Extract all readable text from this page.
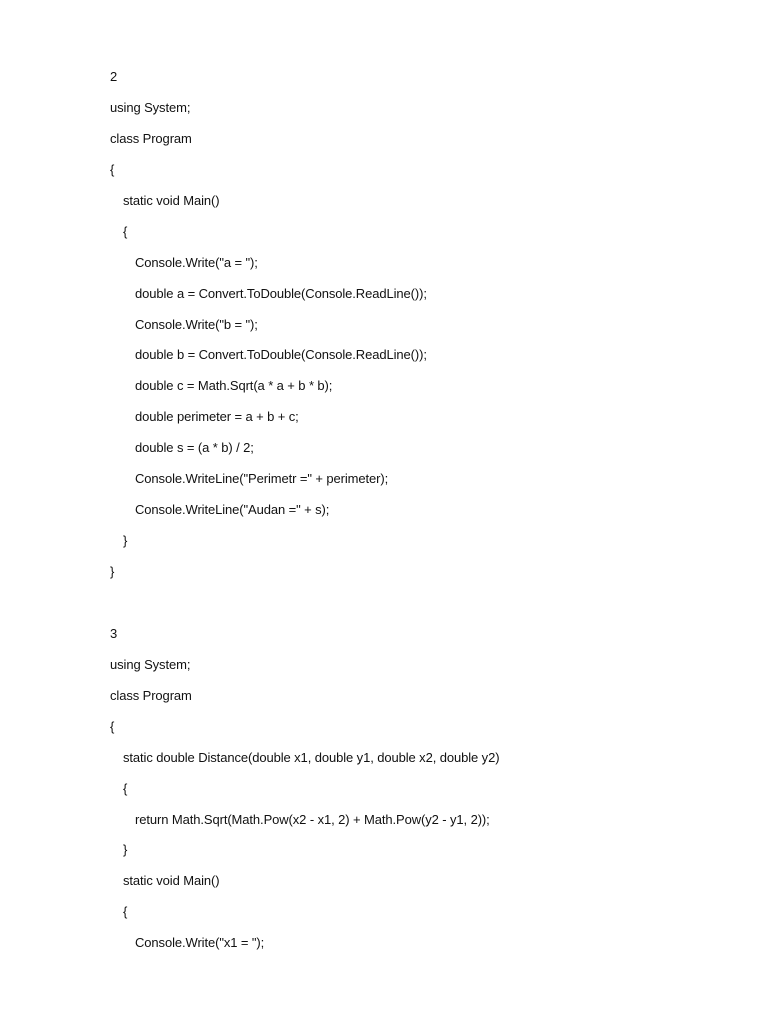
2
using System;
class Program
{
static void Main()
{
Console.Write("a = ");
double a = Convert.ToDouble(Console.ReadLine());
Console.Write("b = ");
double b = Convert.ToDouble(Console.ReadLine());
double c = Math.Sqrt(a * a + b * b);
double perimeter = a + b + c;
double s = (a * b) / 2;
Console.WriteLine("Perimetr =" + perimeter);
Console.WriteLine("Audan =" + s);
}
}
3
using System;
class Program
{
static double Distance(double x1, double y1, double x2, double y2)
{
return Math.Sqrt(Math.Pow(x2 - x1, 2) + Math.Pow(y2 - y1, 2));
}
static void Main()
{
Console.Write("x1 = ");
